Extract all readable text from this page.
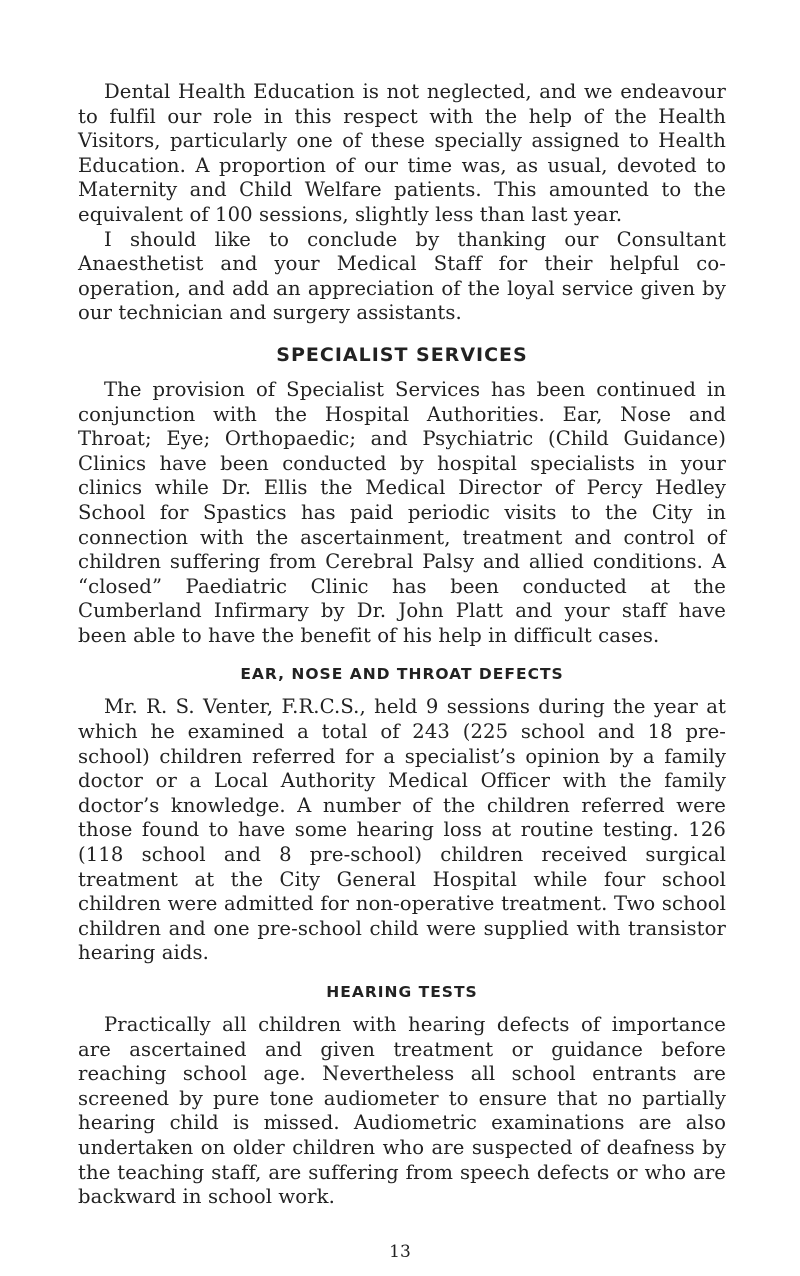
Dental Health Education is not neglected, and we endeavour to fulfil our role in this respect with the help of the Health Visitors, particularly one of these specially assigned to Health Education. A proportion of our time was, as usual, devoted to Maternity and Child Welfare patients. This amounted to the equivalent of 100 sessions, slightly less than last year.

I should like to conclude by thanking our Consultant Anaesthetist and your Medical Staff for their helpful co-operation, and add an appreciation of the loyal service given by our technician and surgery assistants.

SPECIALIST SERVICES

The provision of Specialist Services has been continued in conjunction with the Hospital Authorities. Ear, Nose and Throat; Eye; Orthopaedic; and Psychiatric (Child Guidance) Clinics have been conducted by hospital specialists in your clinics while Dr. Ellis the Medical Director of Percy Hedley School for Spastics has paid periodic visits to the City in connection with the ascertainment, treatment and control of children suffering from Cerebral Palsy and allied conditions. A “closed” Paediatric Clinic has been conducted at the Cumberland Infirmary by Dr. John Platt and your staff have been able to have the benefit of his help in difficult cases.

EAR, NOSE AND THROAT DEFECTS

Mr. R. S. Venter, F.R.C.S., held 9 sessions during the year at which he examined a total of 243 (225 school and 18 pre-school) children referred for a specialist’s opinion by a family doctor or a Local Authority Medical Officer with the family doctor’s knowledge. A number of the children referred were those found to have some hearing loss at routine testing. 126 (118 school and 8 pre-school) children received surgical treatment at the City General Hospital while four school children were admitted for non-operative treatment. Two school children and one pre-school child were supplied with transistor hearing aids.

HEARING TESTS

Practically all children with hearing defects of importance are ascertained and given treatment or guidance before reaching school age. Nevertheless all school entrants are screened by pure tone audiometer to ensure that no partially hearing child is missed. Audiometric examinations are also undertaken on older children who are suspected of deafness by the teaching staff, are suffering from speech defects or who are backward in school work.

13
